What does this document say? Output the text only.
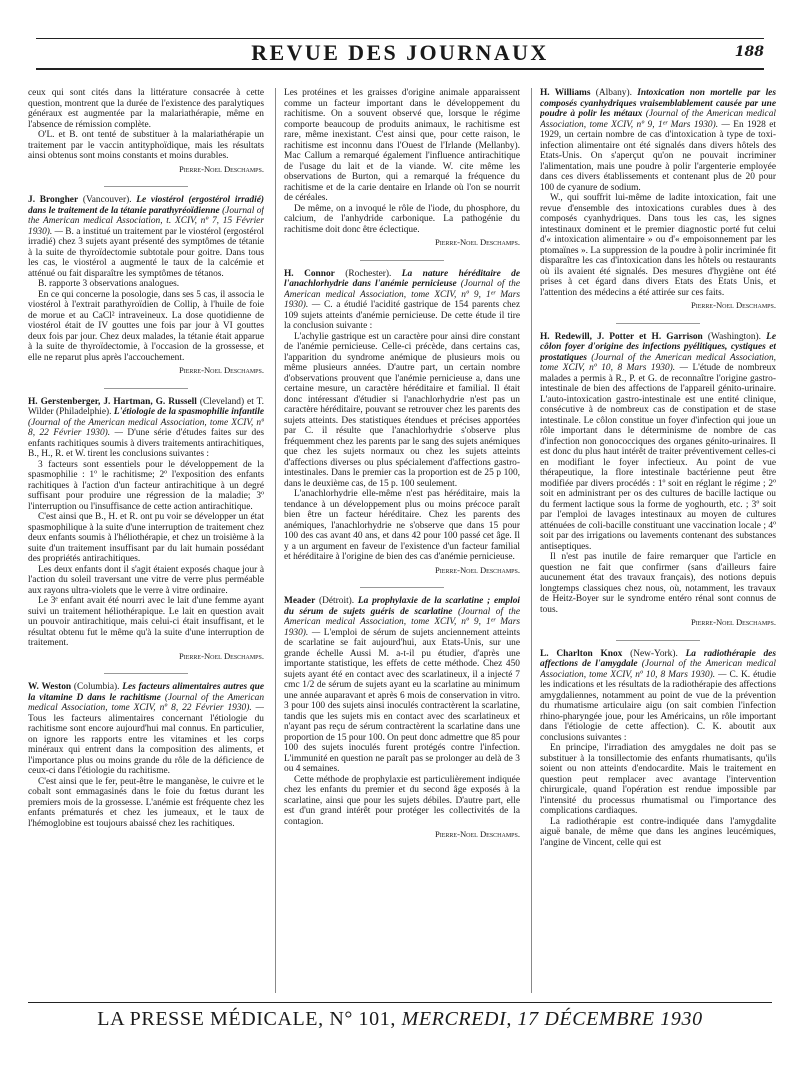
REVUE DES JOURNAUX	188

ceux qui sont cités dans la littérature consacrée à cette question, montrent que la durée de l'existence des paralytiques généraux est augmentée par la malariathérapie, même en l'absence de rémission complète.

O'L. et B. ont tenté de substituer à la malariathérapie un traitement par le vaccin antityphoïdique, mais les résultats ainsi obtenus sont moins constants et moins durables.

Pierre-Noel Deschamps.

J. Brongher (Vancouver). Le viostérol (ergostérol irradié) dans le traitement de la tétanie parathyréoïdienne (Journal of the American medical Association, t. XCIV, nº 7, 15 Février 1930). — B. a institué un traitement par le viostérol (ergostérol irradié) chez 3 sujets ayant présenté des symptômes de tétanie à la suite de thyroïdectomie subtotale pour goitre. Dans tous les cas, le viostérol a augmenté le taux de la calcémie et atténué ou fait disparaître les symptômes de tétanos.

B. rapporte 3 observations analogues.

En ce qui concerne la posologie, dans ses 5 cas, il associa le viostérol à l'extrait parathyroïdien de Collip, à l'huile de foie de morue et au CaCl² intraveineux. La dose quotidienne de viostérol était de IV gouttes une fois par jour à VI gouttes deux fois par jour. Chez deux malades, la tétanie était apparue à la suite de thyroïdectomie, à l'occasion de la grossesse, et elle ne reparut plus après l'accouchement.

Pierre-Noel Deschamps.

H. Gerstenberger, J. Hartman, G. Russell (Cleveland) et T. Wilder (Philadelphie). L'étiologie de la spasmophilie infantile (Journal of the American medical Association, tome XCIV, nº 8, 22 Février 1930). — D'une série d'études faites sur des enfants rachitiques soumis à divers traitements antirachitiques, B., H., R. et W. tirent les conclusions suivantes :

3 facteurs sont essentiels pour le développement de la spasmophilie : 1º le rachitisme; 2º l'exposition des enfants rachitiques à l'action d'un facteur antirachitique à un degré suffisant pour produire une régression de la maladie; 3º l'interruption ou l'insuffisance de cette action antirachitique.

C'est ainsi que B., H. et R. ont pu voir se développer un état spasmophilique à la suite d'une interruption de traitement chez deux enfants soumis à l'héliothérapie, et chez un troisième à la suite d'un traitement insuffisant par du lait humain possédant des propriétés antirachitiques.

Les deux enfants dont il s'agit étaient exposés chaque jour à l'action du soleil traversant une vitre de verre plus perméable aux rayons ultra-violets que le verre à vitre ordinaire.

Le 3ᵉ enfant avait été nourri avec le lait d'une femme ayant suivi un traitement héliothérapique. Le lait en question avait un pouvoir antirachitique, mais celui-ci était insuffisant, et le résultat obtenu fut le même qu'à la suite d'une interruption de traitement.

Pierre-Noel Deschamps.

W. Weston (Columbia). Les facteurs alimentaires autres que la vitamine D dans le rachitisme (Journal of the American medical Association, tome XCIV, nº 8, 22 Février 1930). — Tous les facteurs alimentaires concernant l'étiologie du rachitisme sont encore aujourd'hui mal connus. En particulier, on ignore les rapports entre les vitamines et les corps minéraux qui entrent dans la composition des aliments, et l'importance plus ou moins grande du rôle de la déficience de ceux-ci dans l'étiologie du rachitisme.

C'est ainsi que le fer, peut-être le manganèse, le cuivre et le cobalt sont emmagasinés dans le foie du fœtus durant les premiers mois de la grossesse. L'anémie est fréquente chez les enfants prématurés et chez les jumeaux, et le taux de l'hémoglobine est toujours abaissé chez les rachitiques.

Les protéines et les graisses d'origine animale apparaissent comme un facteur important dans le développement du rachitisme. On a souvent observé que, lorsque le régime comporte beaucoup de produits animaux, le rachitisme est rare, même inexistant. C'est ainsi que, pour cette raison, le rachitisme est inconnu dans l'Ouest de l'Irlande (Mellanby). Mac Callum a remarqué également l'influence antirachitique de l'usage du lait et de la viande. W. cite même les observations de Burton, qui a remarqué la fréquence du rachitisme et de la carie dentaire en Irlande où l'on se nourrit de céréales.

De même, on a invoqué le rôle de l'iode, du phosphore, du calcium, de l'anhydride carbonique. La pathogénie du rachitisme doit donc être éclectique.

Pierre-Noel Deschamps.

H. Connor (Rochester). La nature héréditaire de l'anachlorhydrie dans l'anémie pernicieuse (Journal of the American medical Association, tome XCIV, nº 9, 1ᵉʳ Mars 1930). — C. a étudié l'acidité gastrique de 154 parents chez 109 sujets atteints d'anémie pernicieuse. De cette étude il tire la conclusion suivante :

L'achylie gastrique est un caractère pour ainsi dire constant de l'anémie pernicieuse. Celle-ci précède, dans certains cas, l'apparition du syndrome anémique de plusieurs mois ou même plusieurs années. D'autre part, un certain nombre d'observations prouvent que l'anémie pernicieuse a, dans une certaine mesure, un caractère héréditaire et familial. Il était donc intéressant d'étudier si l'anachlorhydrie n'est pas un caractère héréditaire, pouvant se retrouver chez les parents des sujets atteints. Des statistiques étendues et précises apportées par C. il résulte que l'anachlorhydrie s'observe plus fréquemment chez les parents par le sang des sujets anémiques que chez les sujets normaux ou chez les sujets atteints d'affections diverses ou plus spécialement d'affections gastro-intestinales. Dans le premier cas la proportion est de 25 p 100, dans le deuxième cas, de 15 p. 100 seulement.

L'anachlorhydrie elle-même n'est pas héréditaire, mais la tendance à un développement plus ou moins précoce paraît bien être un facteur héréditaire. Chez les parents des anémiques, l'anachlorhydrie ne s'observe que dans 15 pour 100 des cas avant 40 ans, et dans 42 pour 100 passé cet âge. Il y a un argument en faveur de l'existence d'un facteur familial et héréditaire à l'origine de bien des cas d'anémie pernicieuse.

Pierre-Noel Deschamps.

Meader (Détroit). La prophylaxie de la scarlatine ; emploi du sérum de sujets guéris de scarlatine (Journal of the American medical Association, tome XCIV, nº 9, 1ᵉʳ Mars 1930). — L'emploi de sérum de sujets anciennement atteints de scarlatine se fait aujourd'hui, aux Etats-Unis, sur une grande échelle Aussi M. a-t-il pu étudier, d'après une importante statistique, les effets de cette méthode. Chez 450 sujets ayant été en contact avec des scarlatineux, il a injecté 7 cmc 1/2 de sérum de sujets ayant eu la scarlatine au minimum une année auparavant et après 6 mois de conservation in vitro. 3 pour 100 des sujets ainsi inoculés contractèrent la scarlatine, tandis que les sujets mis en contact avec des scarlatineux et n'ayant pas reçu de sérum contractèrent la scarlatine dans une proportion de 15 pour 100. On peut donc admettre que 85 pour 100 des sujets inoculés furent protégés contre l'infection. L'immunité en question ne paraît pas se prolonger au delà de 3 ou 4 semaines.

Cette méthode de prophylaxie est particulièrement indiquée chez les enfants du premier et du second âge exposés à la scarlatine, ainsi que pour les sujets débiles. D'autre part, elle est d'un grand intérêt pour protéger les collectivités de la contagion.

Pierre-Noel Deschamps.

H. Williams (Albany). Intoxication non mortelle par les composés cyanhydriques vraisemblablement causée par une poudre à polir les métaux (Journal of the American medical Association, tome XCIV, nº 9, 1ᵉʳ Mars 1930). — En 1928 et 1929, un certain nombre de cas d'intoxication à type de toxi-infection alimentaire ont été signalés dans divers hôtels des Etats-Unis. On s'aperçut qu'on ne pouvait incriminer l'alimentation, mais une poudre à polir l'argenterie employée dans ces divers établissements et contenant plus de 20 pour 100 de cyanure de sodium.

W., qui souffrit lui-même de ladite intoxication, fait une revue d'ensemble des intoxications curables dues à des composés cyanhydriques. Dans tous les cas, les signes intestinaux dominent et le premier diagnostic porté fut celui d'« intoxication alimentaire » ou d'« empoisonnement par les ptomaïnes ». La suppression de la poudre à polir incriminée fit disparaître les cas d'intoxication dans les hôtels ou restaurants où ils avaient été signalés. Des mesures d'hygiène ont été prises à cet égard dans divers Etats des Etats Unis, et l'attention des médecins a été attirée sur ces faits.

Pierre-Noel Deschamps.

H. Redewill, J. Potter et H. Garrison (Washington). Le côlon foyer d'origine des infections pyélitiques, cystiques et prostatiques (Journal of the American medical Association, tome XCIV, nº 10, 8 Mars 1930). — L'étude de nombreux malades a permis à R., P. et G. de reconnaître l'origine gastro-intestinale de bien des affections de l'appareil génito-urinaire. L'auto-intoxication gastro-intestinale est une entité clinique, consécutive à de nombreux cas de constipation et de stase intestinale. Le côlon constitue un foyer d'infection qui joue un rôle important dans le déterminisme de nombre de cas d'infection non gonococciques des organes génito-urinaires. Il est donc du plus haut intérêt de traiter préventivement celles-ci en modifiant le foyer infectieux. Au point de vue thérapeutique, la flore intestinale bactérienne peut être modifiée par divers procédés : 1º soit en réglant le régime ; 2º soit en administrant per os des cultures de bacille lactique ou du ferment lactique sous la forme de yoghourth, etc. ; 3º soit par l'emploi de lavages intestinaux au moyen de cultures atténuées de coli-bacille constituant une vaccination locale ; 4º soit par des irrigations ou lavements contenant des substances antiseptiques.

Il n'est pas inutile de faire remarquer que l'article en question ne fait que confirmer (sans d'ailleurs faire aucunement état des travaux français), des notions depuis longtemps classiques chez nous, où, notamment, les travaux de Heitz-Boyer sur le syndrome entéro rénal sont connus de tous.

Pierre-Noel Deschamps.

L. Charlton Knox (New-York). La radiothérapie des affections de l'amygdale (Journal of the American medical Association, tome XCIV, nº 10, 8 Mars 1930). — C. K. étudie les indications et les résultats de la radiothérapie des affections amygdaliennes, notamment au point de vue de la prévention du rhumatisme articulaire aigu (on sait combien l'infection rhino-pharyngée joue, pour les Américains, un rôle important dans l'étiologie de cette affection). C. K. aboutit aux conclusions suivantes :

En principe, l'irradiation des amygdales ne doit pas se substituer à la tonsillectomie des enfants rhumatisants, qu'ils soient ou non atteints d'endocardite. Mais le traitement en question peut remplacer avec avantage l'intervention chirurgicale, quand l'opération est rendue impossible par l'intensité du processus rhumatismal ou l'importance des complications cardiaques.

La radiothérapie est contre-indiquée dans l'amygdalite aiguë banale, de même que dans les angines leucémiques, l'angine de Vincent, celle qui est

LA PRESSE MÉDICALE, N° 101, MERCREDI, 17 DÉCEMBRE 1930
